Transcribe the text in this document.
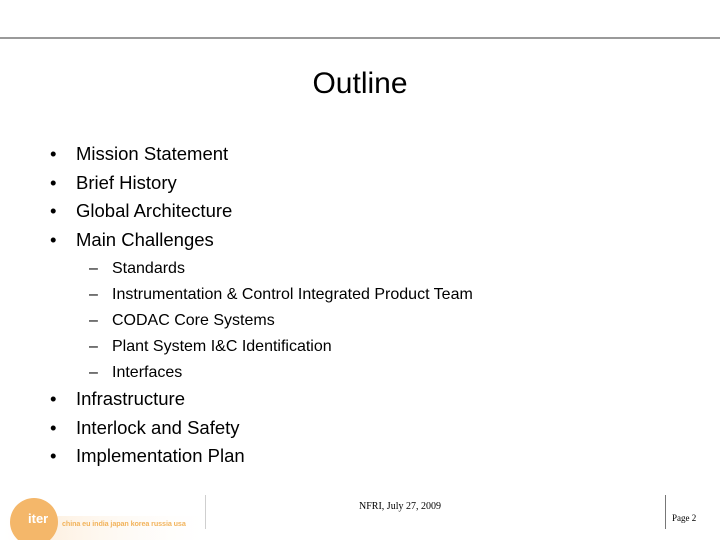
Outline
• Mission Statement
• Brief History
• Global Architecture
• Main Challenges
– Standards
– Instrumentation & Control Integrated Product Team
– CODAC Core Systems
– Plant System I&C Identification
– Interfaces
• Infrastructure
• Interlock and Safety
• Implementation Plan
iter china eu india japan korea russia usa
NFRI, July 27, 2009
Page 2
